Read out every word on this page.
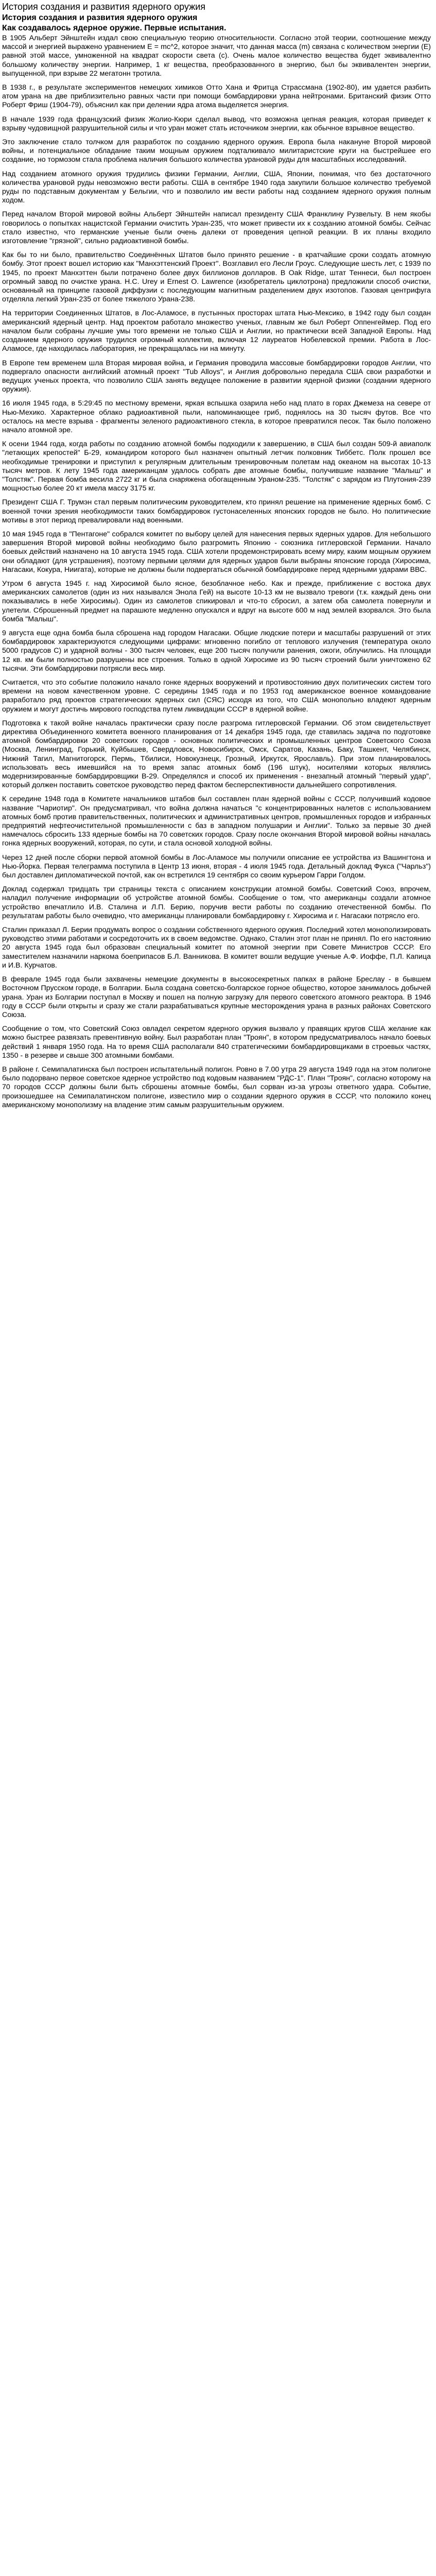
История создания и развития ядерного оружия
История создания и развития ядерного оружия
Как создавалось ядерное оружие. Первые испытания.

В 1905 Альберт Эйнштейн издал свою специальную теорию относительности. Согласно этой теории, соотношение между массой и энергией выражено уравнением E = mc^2, которое значит, что данная масса (m) связана с количеством энергии (E) равной этой массе, умноженной на квадрат скорости света (c). Очень малое количество вещества будет эквивалентно большому количеству энергии. Например, 1 кг вещества, преобразованного в энергию, был бы эквивалентен энергии, выпущенной, при взрыве 22 мегатонн тротила.

В 1938 г., в результате экспериментов немецких химиков Отто Хана и Фритца Страссмана (1902-80), им удается разбить атом урана на две приблизительно равных части при помощи бомбардировки урана нейтронами. Британский физик Отто Роберт Фриш (1904-79), объяснил как при делении ядра атома выделяется энергия.

В начале 1939 года французский физик Жолио-Кюри сделал вывод, что возможна цепная реакция, которая приведет к взрыву чудовищной разрушительной силы и что уран может стать источником энергии, как обычное взрывное вещество.

Это заключение стало толчком для разработок по созданию ядерного оружия. Европа была накануне Второй мировой войны, и потенциальное обладание таким мощным оружием подталкивало милитаристские круги на быстрейшее его создание, но тормозом стала проблема наличия большого количества урановой руды для масштабных исследований.

Над созданием атомного оружия трудились физики Германии, Англии, США, Японии, понимая, что без достаточного количества урановой руды невозможно вести работы. США в сентябре 1940 года закупили большое количество требуемой руды по подставным документам у Бельгии, что и позволило им вести работы над созданием ядерного оружия полным ходом.

Перед началом Второй мировой войны Альберт Эйнштейн написал президенту США Франклину Рузвельту. В нем якобы говорилось о попытках нацистской Германии очистить Уран-235, что может привести их к созданию атомной бомбы. Сейчас стало известно, что германские ученые были очень далеки от проведения цепной реакции. В их планы входило изготовление "грязной", сильно радиоактивной бомбы.

Как бы то ни было, правительство Соединённых Штатов было принято решение - в кратчайшие сроки создать атомную бомбу. Этот проект вошел историю как "Манхэттенский Проект". Возглавил его Лесли Гроус. Следующие шесть лет, с 1939 по 1945, по проект Манхэттен были потрачено более двух биллионов долларов. В Oak Ridge, штат Теннеси, был построен огромный завод по очистке урана. H.C. Urey и Ernest O. Lawrence (изобретатель циклотрона) предложили способ очистки, основанный на принципе газовой диффузии с последующим магнитным разделением двух изотопов. Газовая центрифуга отделяла легкий Уран-235 от более тяжелого Урана-238.

На территории Соединенных Штатов, в Лос-Аламосе, в пустынных просторах штата Нью-Мексико, в 1942 году был создан американский ядерный центр. Над проектом работало множество ученых, главным же был Роберт Оппенгеймер. Под его началом были собраны лучшие умы того времени не только США и Англии, но практически всей Западной Европы. Над созданием ядерного оружия трудился огромный коллектив, включая 12 лауреатов Нобелевской премии. Работа в Лос-Аламосе, где находилась лаборатория, не прекращалась ни на минуту.

В Европе тем временем шла Вторая мировая война, и Германия проводила массовые бомбардировки городов Англии, что подвергало опасности английский атомный проект "Tub Alloys", и Англия добровольно передала США свои разработки и ведущих ученых проекта, что позволило США занять ведущее положение в развитии ядерной физики (создании ядерного оружия).

16 июля 1945 года, в 5:29:45 по местному времени, яркая вспышка озарила небо над плато в горах Джемеза на севере от Нью-Мехико. Характерное облако радиоактивной пыли, напоминающее гриб, поднялось на 30 тысяч футов. Все что осталось на месте взрыва - фрагменты зеленого радиоактивного стекла, в которое превратился песок. Так было положено начало атомной эре.

К осени 1944 года, когда работы по созданию атомной бомбы подходили к завершению, в США был создан 509-й авиаполк "летающих крепостей" Б-29, командиром которого был назначен опытный летчик полковник Тиббетс. Полк прошел все необходимые тренировки и приступил к регулярным длительным тренировочным полетам над океаном на высотах 10-13 тысяч метров. К лету 1945 года американцам удалось собрать две атомные бомбы, получившие название "Малыш" и "Толстяк". Первая бомба весила 2722 кг и была снаряжена обогащенным Ураном-235. "Толстяк" с зарядом из Плутония-239 мощностью более 20 кт имела массу 3175 кг.

Президент США Г. Трумэн стал первым политическим руководителем, кто принял решение на применение ядерных бомб. С военной точки зрения необходимости таких бомбардировок густонаселенных японских городов не было. Но политические мотивы в этот период превалировали над военными.

10 мая 1945 года в "Пентагоне" собрался комитет по выбору целей для нанесения первых ядерных ударов. Для небольшого завершения Второй мировой войны необходимо было разгромить Японию - союзника гитлеровской Германии. Начало боевых действий назначено на 10 августа 1945 года. США хотели продемонстрировать всему миру, каким мощным оружием они обладают (для устрашения), поэтому первыми целями для ядерных ударов были выбраны японские города (Хиросима, Нагасаки, Кокура, Ниигата), которые не должны были подвергаться обычной бомбардировке перед ядерными ударами ВВС.

Утром 6 августа 1945 г. над Хиросимой было ясное, безоблачное небо. Как и прежде, приближение с востока двух американских самолетов (один из них назывался Энола Гей) на высоте 10-13 км не вызвало тревоги (т.к. каждый день они показывались в небе Хиросимы). Один из самолетов спикировал и что-то сбросил, а затем оба самолета повернули и улетели. Сброшенный предмет на парашюте медленно опускался и вдруг на высоте 600 м над землей взорвался. Это была бомба "Малыш".

9 августа еще одна бомба была сброшена над городом Нагасаки. Общие людские потери и масштабы разрушений от этих бомбардировок характеризуются следующими цифрами: мгновенно погибло от теплового излучения (температура около 5000 градусов С) и ударной волны - 300 тысяч человек, еще 200 тысяч получили ранения, ожоги, облучились. На площади 12 кв. км были полностью разрушены все строения. Только в одной Хиросиме из 90 тысяч строений были уничтожено 62 тысячи. Эти бомбардировки потрясли весь мир.

Считается, что это событие положило начало гонке ядерных вооружений и противостоянию двух политических систем того времени на новом качественном уровне. С середины 1945 года и по 1953 год американское военное командование разработало ряд проектов стратегических ядерных сил (СЯС) исходя из того, что США монопольно владеют ядерным оружием и могут достичь мирового господства путем ликвидации СССР в ядерной войне.

Подготовка к такой войне началась практически сразу после разгрома гитлеровской Германии. Об этом свидетельствует директива Объединенного комитета военного планирования от 14 декабря 1945 года, где ставилась задача по подготовке атомной бомбардировки 20 советских городов - основных политических и промышленных центров Советского Союза (Москва, Ленинград, Горький, Куйбышев, Свердловск, Новосибирск, Омск, Саратов, Казань, Баку, Ташкент, Челябинск, Нижний Тагил, Магнитогорск, Пермь, Тбилиси, Новокузнецк, Грозный, Иркутск, Ярославль). При этом планировалось использовать весь имевшийся на то время запас атомных бомб (196 штук), носителями которых являлись модернизированные бомбардировщики В-29. Определялся и способ их применения - внезапный атомный "первый удар", который должен поставить советское руководство перед фактом бесперспективности дальнейшего сопротивления.

К середине 1948 года в Комитете начальников штабов был составлен план ядерной войны с СССР, получивший кодовое название "Чариотир". Он предусматривал, что война должна начаться "с концентрированных налетов с использованием атомных бомб против правительственных, политических и административных центров, промышленных городов и избранных предприятий нефтеочистительной промышленности с баз в западном полушарии и Англии". Только за первые 30 дней намечалось сбросить 133 ядерные бомбы на 70 советских городов. Сразу после окончания Второй мировой войны началась гонка ядерных вооружений, которая, по сути, и стала основой холодной войны.

Через 12 дней после сборки первой атомной бомбы в Лос-Аламосе мы получили описание ее устройства из Вашингтона и Нью-Йорка. Первая телеграмма поступила в Центр 13 июня, вторая - 4 июля 1945 года. Детальный доклад Фукса ("Чарльз") был доставлен дипломатической почтой, как он встретился 19 сентября со своим курьером Гарри Голдом.

Доклад содержал тридцать три страницы текста с описанием конструкции атомной бомбы. Советский Союз, впрочем, наладил получение информации об устройстве атомной бомбы. Сообщение о том, что американцы создали атомное устройство впечатлило И.В. Сталина и Л.П. Берию, поручив вести работы по созданию отечественной бомбы. По результатам работы было очевидно, что американцы планировали бомбардировку г. Хиросима и г. Нагасаки потрясло его.

Сталин приказал Л. Берии продумать вопрос о создании собственного ядерного оружия. Последний хотел монополизировать руководство этими работами и сосредоточить их в своем ведомстве. Однако, Сталин этот план не принял. По его настоянию 20 августа 1945 года был образован специальный комитет по атомной энергии при Совете Министров СССР. Его заместителем назначили наркома боеприпасов Б.Л. Ванникова. В комитет вошли ведущие ученые А.Ф. Иоффе, П.Л. Капица и И.В. Курчатов.

В феврале 1945 года были захвачены немецкие документы в высокосекретных папках в районе Бреслау - в бывшем Восточном Прусском городе, в Болгарии. Была создана советско-болгарское горное общество, которое занималось добычей урана. Уран из Болгарии поступал в Москву и пошел на полную загрузку для первого советского атомного реактора. В 1946 году в СССР были открыты и сразу же стали разрабатываться крупные месторождения урана в разных районах Советского Союза.

Сообщение о том, что Советский Союз овладел секретом ядерного оружия вызвало у правящих кругов США желание как можно быстрее развязать превентивную войну. Был разработан план "Троян", в котором предусматривалось начало боевых действий 1 января 1950 года. На то время США располагали 840 стратегическими бомбардировщиками в строевых частях, 1350 - в резерве и свыше 300 атомными бомбами.

В районе г. Семипалатинска был построен испытательный полигон. Ровно в 7.00 утра 29 августа 1949 года на этом полигоне было подорвано первое советское ядерное устройство под кодовым названием "РДС-1". План "Троян", согласно которому на 70 городов СССР должны были быть сброшены атомные бомбы, был сорван из-за угрозы ответного удара. Событие, произошедшее на Семипалатинском полигоне, известило мир о создании ядерного оружия в СССР, что положило конец американскому монополизму на владение этим самым разрушительным оружием.
